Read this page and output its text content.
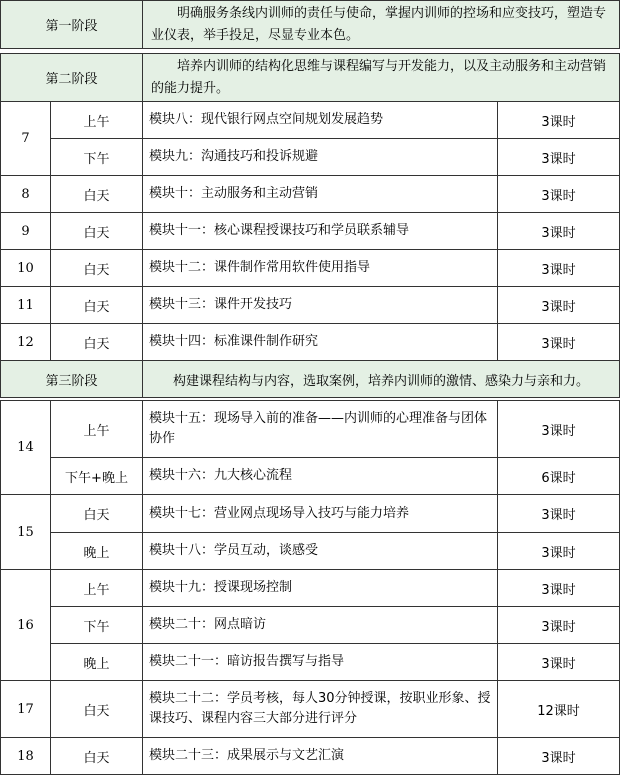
第一阶段	明确服务条线内训师的责任与使命，掌握内训师的控场和应变技巧，塑造专业仪表，举手投足，尽显专业本色。
第二阶段	培养内训师的结构化思维与课程编写与开发能力，以及主动服务和主动营销的能力提升。
7	上午	模块八：现代银行网点空间规划发展趋势	3课时
	下午	模块九：沟通技巧和投诉规避	3课时
8	白天	模块十：主动服务和主动营销	3课时
9	白天	模块十一：核心课程授课技巧和学员联系辅导	3课时
10	白天	模块十二：课件制作常用软件使用指导	3课时
11	白天	模块十三：课件开发技巧	3课时
12	白天	模块十四：标准课件制作研究	3课时
第三阶段		构建课程结构与内容，选取案例，培养内训师的激情、感染力与亲和力。	
14	上午	模块十五：现场导入前的准备——内训师的心理准备与团体协作	3课时
	下午+晚上	模块十六：九大核心流程	6课时
15	白天	模块十七：营业网点现场导入技巧与能力培养	3课时
	晚上	模块十八：学员互动，谈感受	3课时
16	上午	模块十九：授课现场控制	3课时
	下午	模块二十：网点暗访	3课时
	晚上	模块二十一：暗访报告撰写与指导	3课时
17	白天	模块二十二：学员考核，每人30分钟授课，按职业形象、授课技巧、课程内容三大部分进行评分	12课时
18	白天	模块二十三：成果展示与文艺汇演	3课时
